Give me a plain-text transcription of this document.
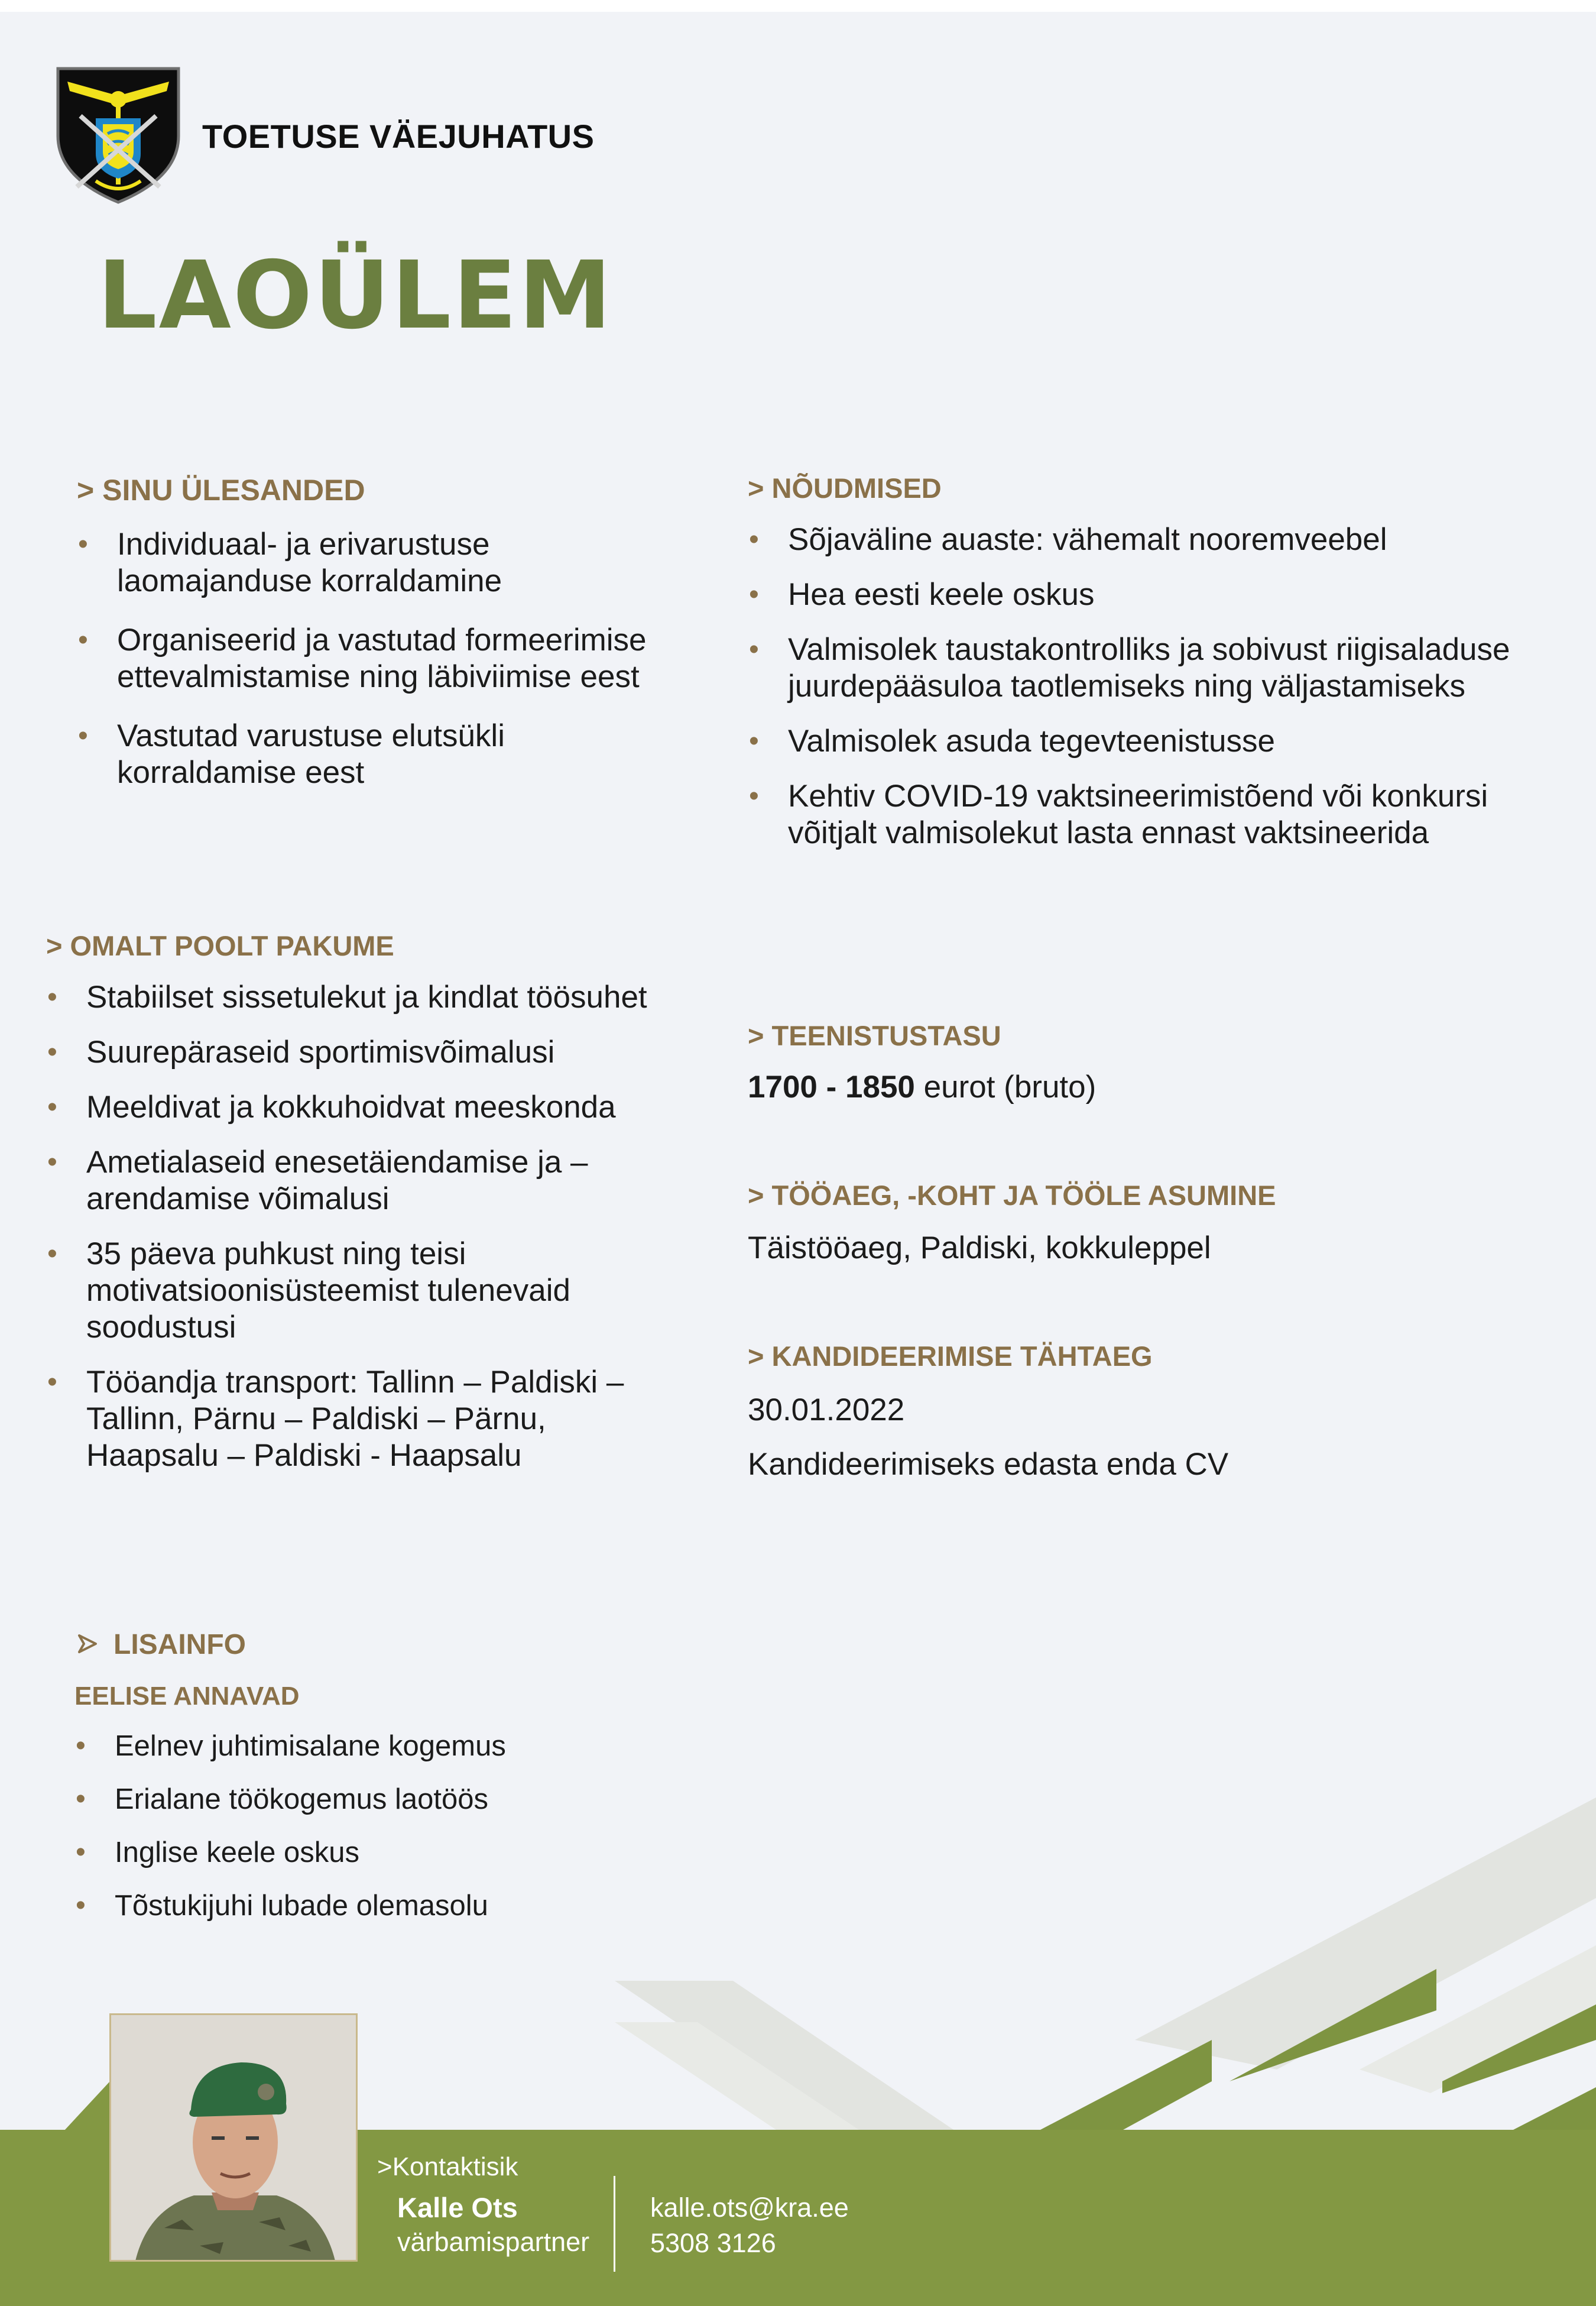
TOETUSE VÄEJUHATUS
LAOÜLEM
> SINU ÜLESANDED
• Individuaal- ja erivarustuse laomajanduse korraldamine
• Organiseerid ja vastutad formeerimise ettevalmistamise ning läbiviimise eest
• Vastutad varustuse elutsükli korraldamise eest
> NÕUDMISED
• Sõjaväline auaste: vähemalt nooremveebel
• Hea eesti keele oskus
• Valmisolek taustakontrolliks ja sobivust riigisaladuse juurdepääsuloa taotlemiseks ning väljastamiseks
• Valmisolek asuda tegevteenistusse
• Kehtiv COVID-19 vaktsineerimistõend või konkursi võitjalt valmisolekut lasta ennast vaktsineerida
> OMALT POOLT PAKUME
• Stabiilset sissetulekut ja kindlat töösuhet
• Suurepäraseid sportimisvõimalusi
• Meeldivat ja kokkuhoidvat meeskonda
• Ametialaseid enesetäiendamise ja –arendamise võimalusi
• 35 päeva puhkust ning teisi motivatsioonisüsteemist tulenevaid soodustusi
• Tööandja transport: Tallinn – Paldiski – Tallinn, Pärnu – Paldiski – Pärnu, Haapsalu – Paldiski - Haapsalu
> TEENISTUSTASU
1700 - 1850 eurot (bruto)
> TÖÖAEG, -KOHT JA TÖÖLE ASUMINE
Täistööaeg, Paldiski, kokkuleppel
> KANDIDEERIMISE TÄHTAEG
30.01.2022
Kandideerimiseks edasta enda CV
LISAINFO
EELISE ANNAVAD
• Eelnev juhtimisalane kogemus
• Erialane töökogemus laotöös
• Inglise keele oskus
• Tõstukijuhi lubade olemasolu
>Kontaktisik
Kalle Ots
värbamispartner
kalle.ots@kra.ee
5308 3126
